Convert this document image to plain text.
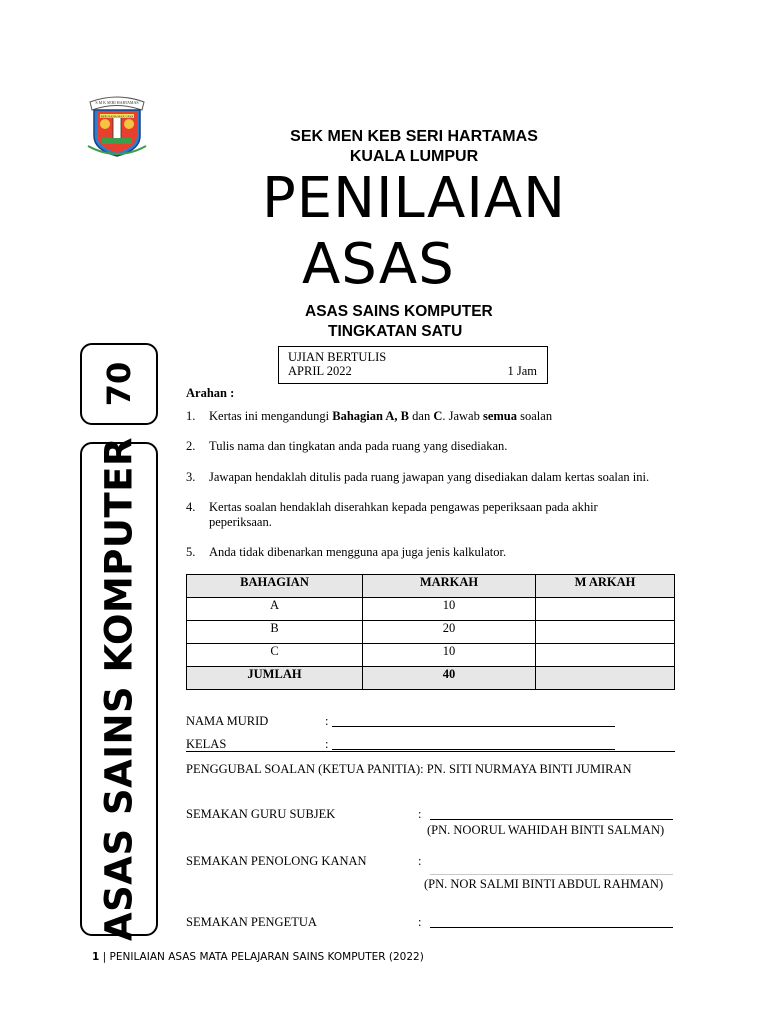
S M K SERI HARTAMAS
BERUSAHA MAJU JAYA
SEK MEN KEB SERI HARTAMAS
KUALA LUMPUR
PENILAIAN
ASAS
ASAS SAINS KOMPUTER
TINGKATAN SATU
UJIAN BERTULIS
APRIL 2022	1 Jam
70
ASAS SAINS KOMPUTER
Arahan :
1. Kertas ini mengandungi Bahagian A, B dan C. Jawab semua soalan
2. Tulis nama dan tingkatan anda pada ruang yang disediakan.
3. Jawapan hendaklah ditulis pada ruang jawapan yang disediakan dalam kertas soalan ini.
4. Kertas soalan hendaklah diserahkan kepada pengawas peperiksaan pada akhir peperiksaan.
5. Anda tidak dibenarkan mengguna apa juga jenis kalkulator.
BAHAGIAN	MARKAH	M ARKAH
A	10	
B	20	
C	10	
JUMLAH	40	
NAMA MURID	:
KELAS	:
PENGGUBAL SOALAN (KETUA PANITIA): PN. SITI NURMAYA BINTI JUMIRAN
SEMAKAN GURU SUBJEK	:
(PN. NOORUL WAHIDAH BINTI SALMAN)
SEMAKAN PENOLONG KANAN	:
(PN. NOR SALMI BINTI ABDUL RAHMAN)
SEMAKAN PENGETUA	:
1 | PENILAIAN ASAS MATA PELAJARAN SAINS KOMPUTER (2022)
